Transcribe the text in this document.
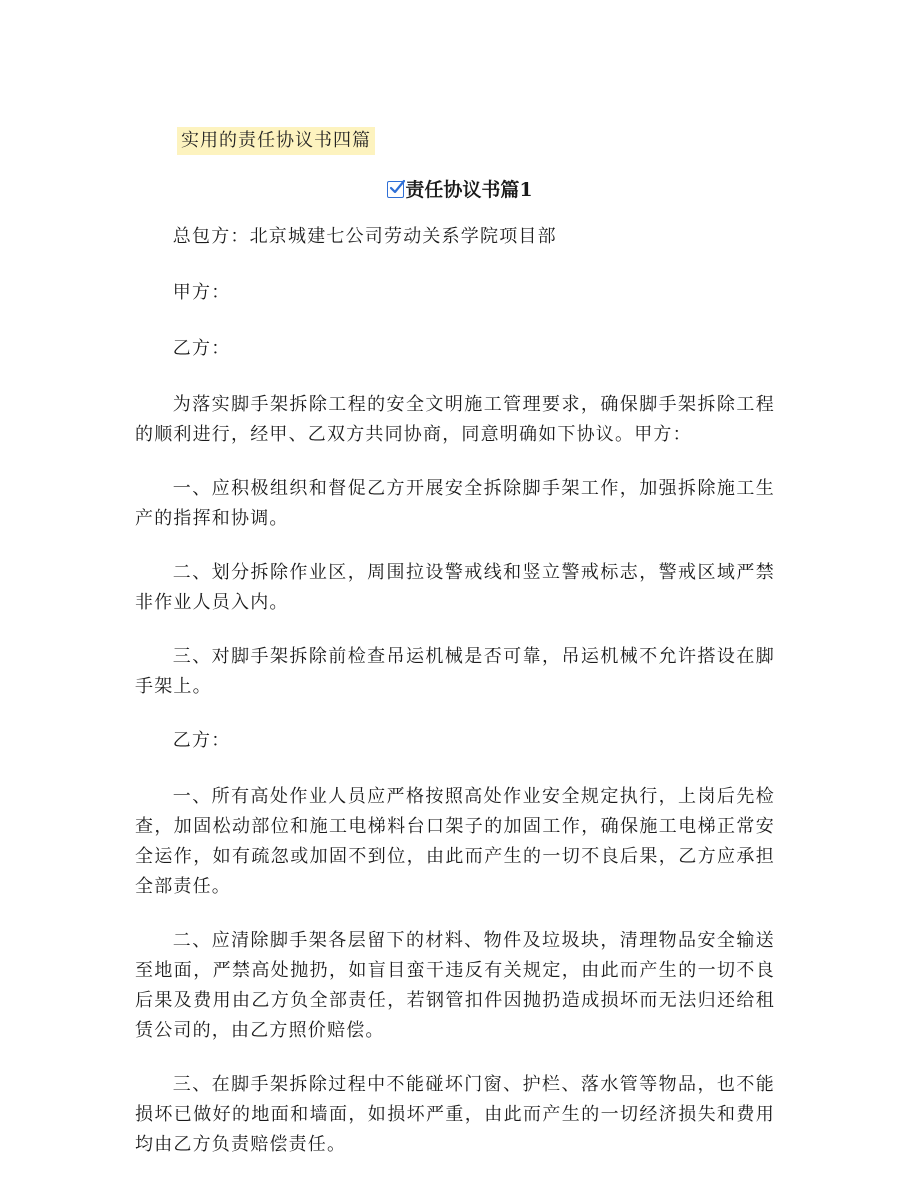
实用的责任协议书四篇
责任协议书篇1

总包方：北京城建七公司劳动关系学院项目部

甲方：

乙方：

为落实脚手架拆除工程的安全文明施工管理要求，确保脚手架拆除工程的顺利进行，经甲、乙双方共同协商，同意明确如下协议。甲方：

一、应积极组织和督促乙方开展安全拆除脚手架工作，加强拆除施工生产的指挥和协调。

二、划分拆除作业区，周围拉设警戒线和竖立警戒标志，警戒区域严禁非作业人员入内。

三、对脚手架拆除前检查吊运机械是否可靠，吊运机械不允许搭设在脚手架上。

乙方：

一、所有高处作业人员应严格按照高处作业安全规定执行，上岗后先检查，加固松动部位和施工电梯料台口架子的加固工作，确保施工电梯正常安全运作，如有疏忽或加固不到位，由此而产生的一切不良后果，乙方应承担全部责任。

二、应清除脚手架各层留下的材料、物件及垃圾块，清理物品安全输送至地面，严禁高处抛扔，如盲目蛮干违反有关规定，由此而产生的一切不良后果及费用由乙方负全部责任，若钢管扣件因抛扔造成损坏而无法归还给租赁公司的，由乙方照价赔偿。

三、在脚手架拆除过程中不能碰坏门窗、护栏、落水管等物品，也不能损坏已做好的地面和墙面，如损坏严重，由此而产生的一切经济损失和费用均由乙方负责赔偿责任。
